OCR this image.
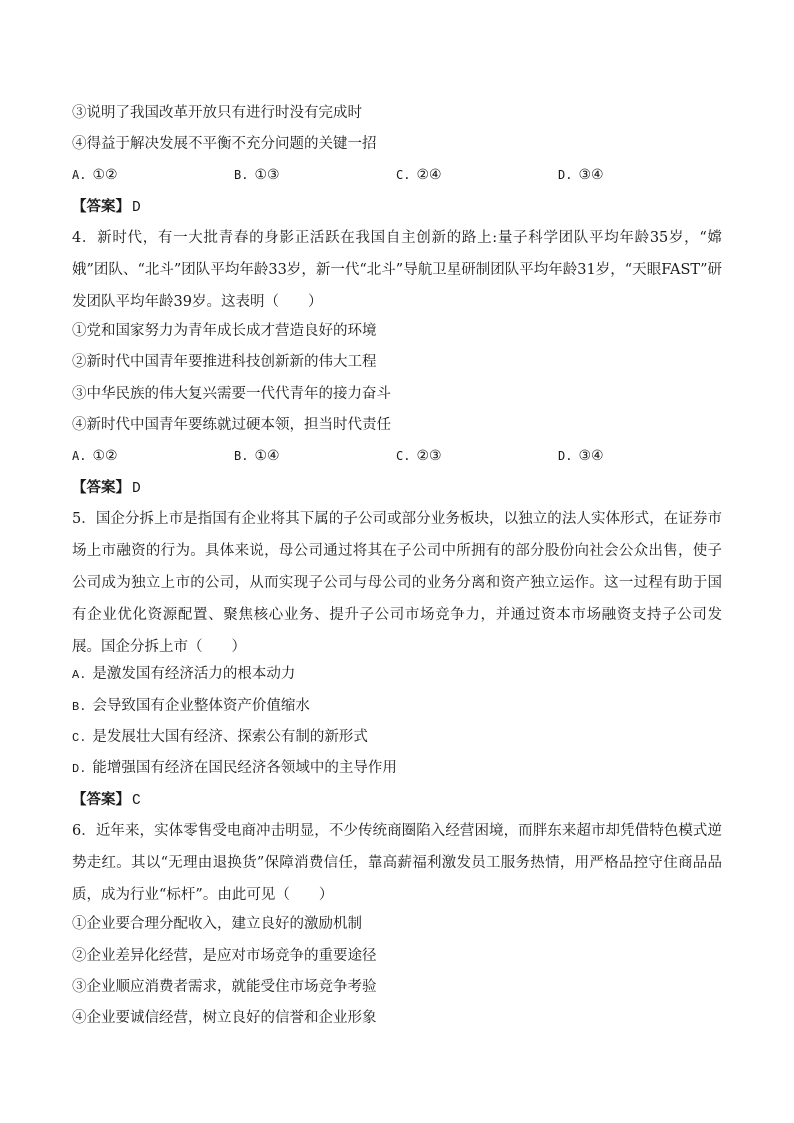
③说明了我国改革开放只有进行时没有完成时
④得益于解决发展不平衡不充分问题的关键一招
A. ①②	B. ①③	C. ②④	D. ③④
【答案】 D
4．新时代，有一大批青春的身影正活跃在我国自主创新的路上:量子科学团队平均年龄35岁，“嫦娥”团队、“北斗”团队平均年龄33岁，新一代“北斗”导航卫星研制团队平均年龄31岁，“天眼FAST”研发团队平均年龄39岁。这表明（　　）
①党和国家努力为青年成长成才营造良好的环境
②新时代中国青年要推进科技创新新的伟大工程
③中华民族的伟大复兴需要一代代青年的接力奋斗
④新时代中国青年要练就过硬本领，担当时代责任
A. ①②	B. ①④	C. ②③	D. ③④
【答案】 D
5．国企分拆上市是指国有企业将其下属的子公司或部分业务板块，以独立的法人实体形式，在证券市场上市融资的行为。具体来说，母公司通过将其在子公司中所拥有的部分股份向社会公众出售，使子公司成为独立上市的公司，从而实现子公司与母公司的业务分离和资产独立运作。这一过程有助于国有企业优化资源配置、聚焦核心业务、提升子公司市场竞争力，并通过资本市场融资支持子公司发展。国企分拆上市（　　）
A. 是激发国有经济活力的根本动力
B. 会导致国有企业整体资产价值缩水
C. 是发展壮大国有经济、探索公有制的新形式
D. 能增强国有经济在国民经济各领域中的主导作用
【答案】 C
6．近年来，实体零售受电商冲击明显，不少传统商圈陷入经营困境，而胖东来超市却凭借特色模式逆势走红。其以“无理由退换货”保障消费信任，靠高薪福利激发员工服务热情，用严格品控守住商品品质，成为行业“标杆”。由此可见（　　）
①企业要合理分配收入，建立良好的激励机制
②企业差异化经营，是应对市场竞争的重要途径
③企业顺应消费者需求，就能受住市场竞争考验
④企业要诚信经营，树立良好的信誉和企业形象
